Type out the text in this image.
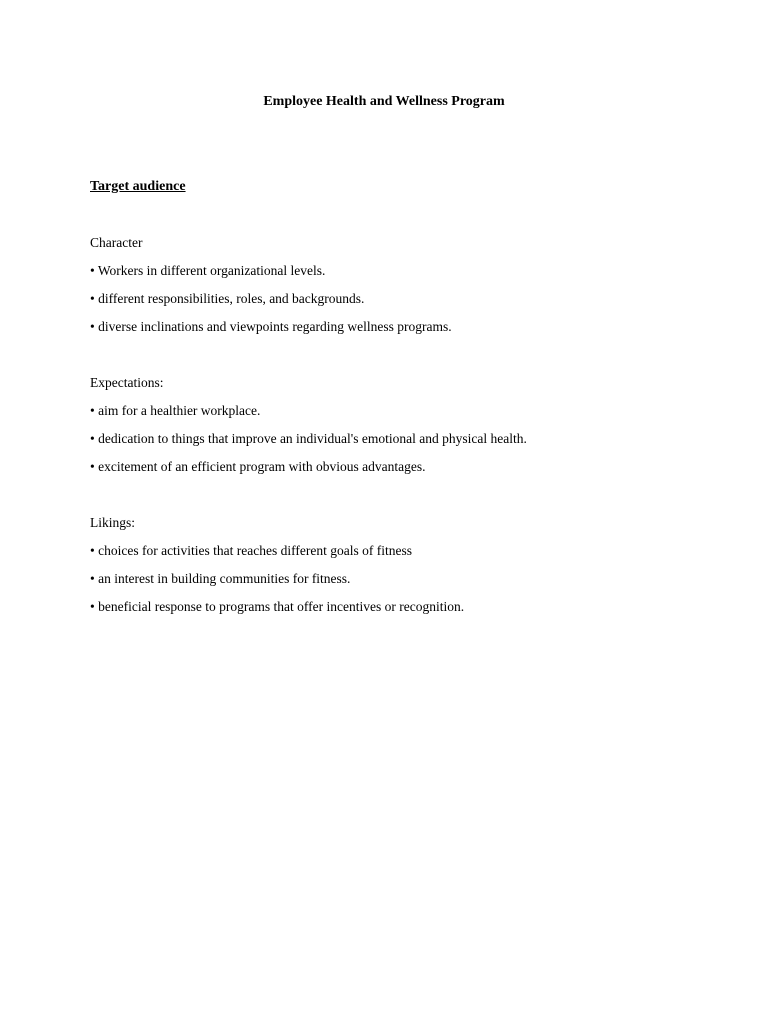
Employee Health and Wellness Program
Target audience
Character
• Workers in different organizational levels.
• different responsibilities, roles, and backgrounds.
• diverse inclinations and viewpoints regarding wellness programs.
Expectations:
• aim for a healthier workplace.
• dedication to things that improve an individual's emotional and physical health.
• excitement of an efficient program with obvious advantages.
Likings:
• choices for activities that reaches different goals of fitness
• an interest in building communities for fitness.
• beneficial response to programs that offer incentives or recognition.
